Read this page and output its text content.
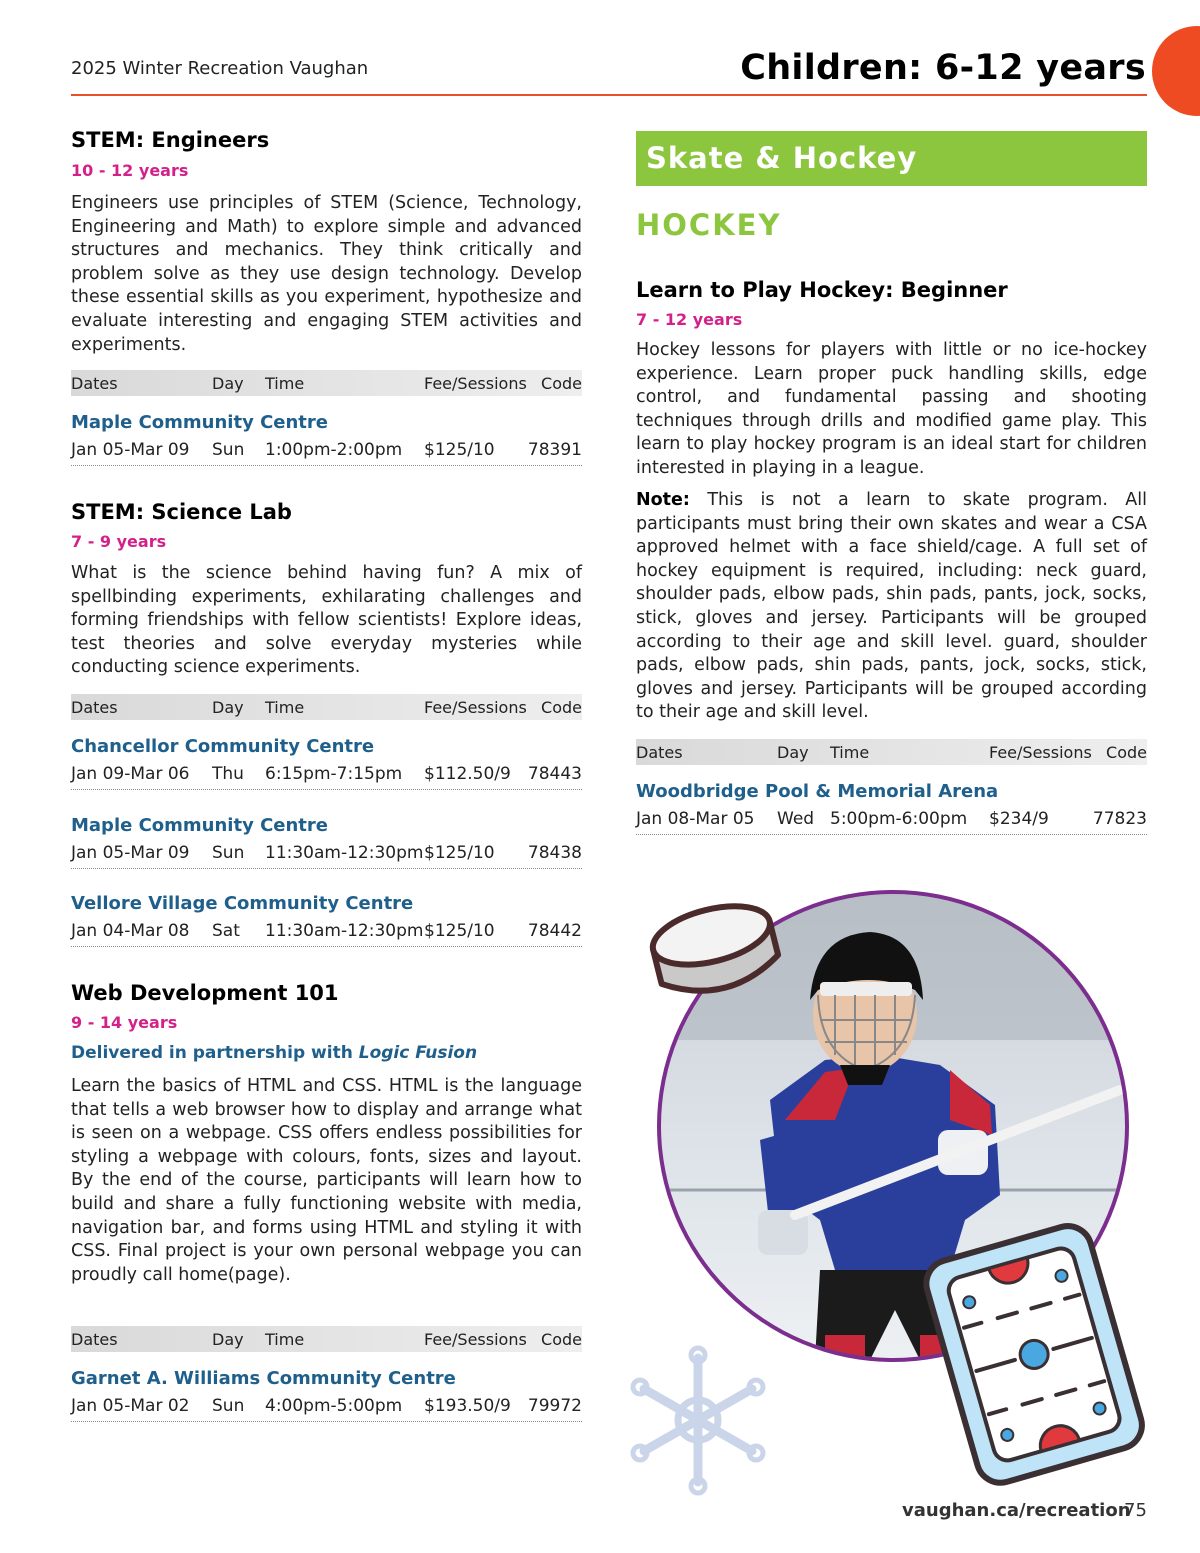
2025 Winter Recreation Vaughan	Children: 6-12 years
STEM: Engineers
10 - 12 years
Engineers use principles of STEM (Science, Technology, Engineering and Math) to explore simple and advanced structures and mechanics. They think critically and problem solve as they use design technology. Develop these essential skills as you experiment, hypothesize and evaluate interesting and engaging STEM activities and experiments.
Dates	Day Time	Fee/Sessions Code
Maple Community Centre
Jan 05-Mar 09 Sun 1:00pm-2:00pm $125/10 78391
STEM: Science Lab
7 - 9 years
What is the science behind having fun? A mix of spellbinding experiments, exhilarating challenges and forming friendships with fellow scientists! Explore ideas, test theories and solve everyday mysteries while conducting science experiments.
Dates	Day Time	Fee/Sessions Code
Chancellor Community Centre
Jan 09-Mar 06 Thu 6:15pm-7:15pm $112.50/9 78443
Maple Community Centre
Jan 05-Mar 09 Sun 11:30am-12:30pm $125/10 78438
Vellore Village Community Centre
Jan 04-Mar 08 Sat 11:30am-12:30pm $125/10 78442
Web Development 101
9 - 14 years
Delivered in partnership with Logic Fusion
Learn the basics of HTML and CSS. HTML is the language that tells a web browser how to display and arrange what is seen on a webpage. CSS offers endless possibilities for styling a webpage with colours, fonts, sizes and layout. By the end of the course, participants will learn how to build and share a fully functioning website with media, navigation bar, and forms using HTML and styling it with CSS. Final project is your own personal webpage you can proudly call home(page).
Dates	Day Time	Fee/Sessions Code
Garnet A. Williams Community Centre
Jan 05-Mar 02 Sun 4:00pm-5:00pm $193.50/9 79972
Skate & Hockey
HOCKEY
Learn to Play Hockey: Beginner
7 - 12 years
Hockey lessons for players with little or no ice-hockey experience. Learn proper puck handling skills, edge control, and fundamental passing and shooting techniques through drills and modified game play. This learn to play hockey program is an ideal start for children interested in playing in a league.
Note: This is not a learn to skate program. All participants must bring their own skates and wear a CSA approved helmet with a face shield/cage. A full set of hockey equipment is required, including: neck guard, shoulder pads, elbow pads, shin pads, pants, jock, socks, stick, gloves and jersey. Participants will be grouped according to their age and skill level. guard, shoulder pads, elbow pads, shin pads, pants, jock, socks, stick, gloves and jersey. Participants will be grouped according to their age and skill level.
Dates	Day Time	Fee/Sessions Code
Woodbridge Pool & Memorial Arena
Jan 08-Mar 05 Wed 5:00pm-6:00pm $234/9	77823
vaughan.ca/recreation
75
